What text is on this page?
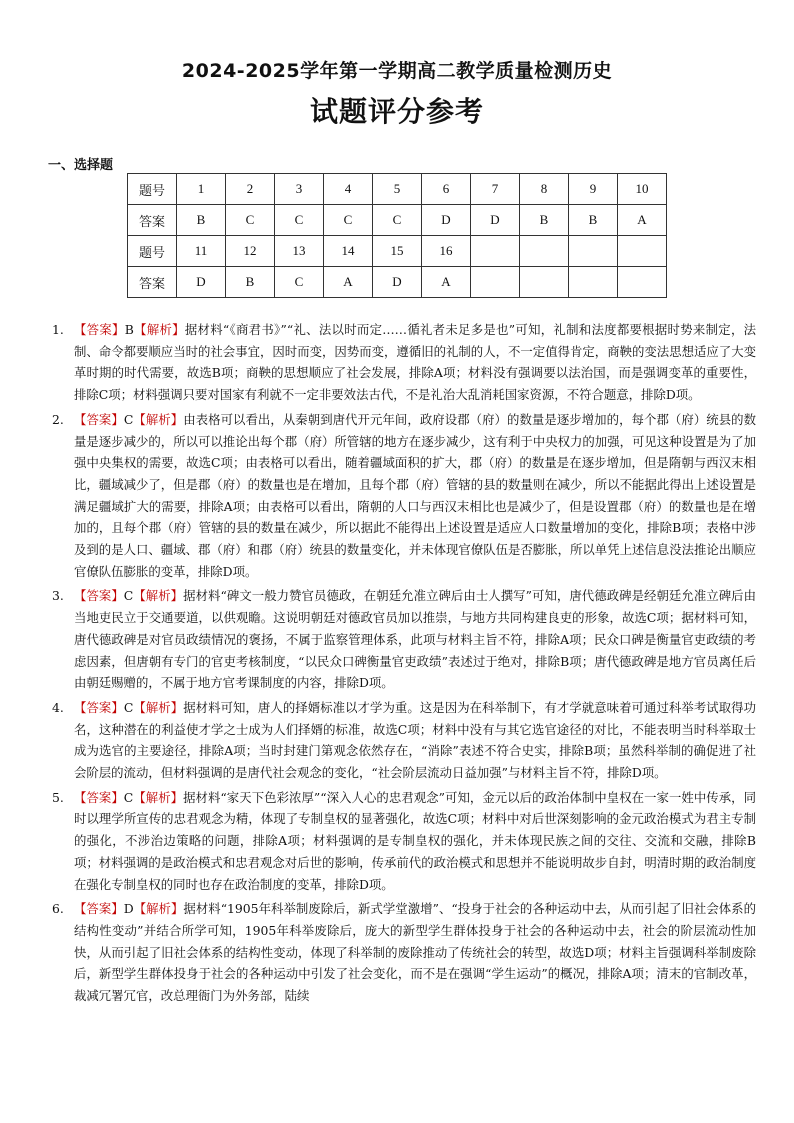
2024-2025学年第一学期高二教学质量检测历史
试题评分参考
一、选择题
题号	1	2	3	4	5	6	7	8	9	10
答案	B	C	C	C	C	D	D	B	B	A
题号	11	12	13	14	15	16				
答案	D	B	C	A	D	A				
1. 【答案】B【解析】据材料“《商君书》”“礼、法以时而定……循礼者未足多是也”可知，礼制和法度都要根据时势来制定，法制、命令都要顺应当时的社会事宜，因时而变，因势而变，遵循旧的礼制的人，不一定值得肯定，商鞅的变法思想适应了大变革时期的时代需要，故选B项；商鞅的思想顺应了社会发展，排除A项；材料没有强调要以法治国，而是强调变革的重要性，排除C项；材料强调只要对国家有利就不一定非要效法古代，不是礼治大乱消耗国家资源，不符合题意，排除D项。
2. 【答案】C【解析】由表格可以看出，从秦朝到唐代开元年间，政府设郡（府）的数量是逐步增加的，每个郡（府）统县的数量是逐步减少的，所以可以推论出每个郡（府）所管辖的地方在逐步减少，这有利于中央权力的加强，可见这种设置是为了加强中央集权的需要，故选C项；由表格可以看出，随着疆域面积的扩大，郡（府）的数量是在逐步增加，但是隋朝与西汉末相比，疆域减少了，但是郡（府）的数量也是在增加，且每个郡（府）管辖的县的数量则在减少，所以不能据此得出上述设置是满足疆域扩大的需要，排除A项；由表格可以看出，隋朝的人口与西汉末相比也是减少了，但是设置郡（府）的数量也是在增加的，且每个郡（府）管辖的县的数量在减少，所以据此不能得出上述设置是适应人口数量增加的变化，排除B项；表格中涉及到的是人口、疆域、郡（府）和郡（府）统县的数量变化，并未体现官僚队伍是否膨胀，所以单凭上述信息没法推论出顺应官僚队伍膨胀的变革，排除D项。
3. 【答案】C【解析】据材料“碑文一般力赞官员德政，在朝廷允准立碑后由士人撰写”可知，唐代德政碑是经朝廷允准立碑后由当地吏民立于交通要道，以供观瞻。这说明朝廷对德政官员加以推崇，与地方共同构建良吏的形象，故选C项；据材料可知，唐代德政碑是对官员政绩情况的褒扬，不属于监察管理体系，此项与材料主旨不符，排除A项；民众口碑是衡量官吏政绩的考虑因素，但唐朝有专门的官吏考核制度，“以民众口碑衡量官吏政绩”表述过于绝对，排除B项；唐代德政碑是地方官员离任后由朝廷赐赠的，不属于地方官考课制度的内容，排除D项。
4. 【答案】C【解析】据材料可知，唐人的择婿标准以才学为重。这是因为在科举制下，有才学就意味着可通过科举考试取得功名，这种潜在的利益使才学之士成为人们择婿的标准，故选C项；材料中没有与其它选官途径的对比，不能表明当时科举取士成为选官的主要途径，排除A项；当时封建门第观念依然存在，“消除”表述不符合史实，排除B项；虽然科举制的确促进了社会阶层的流动，但材料强调的是唐代社会观念的变化，“社会阶层流动日益加强”与材料主旨不符，排除D项。
5. 【答案】C【解析】据材料“家天下色彩浓厚”“深入人心的忠君观念”可知，金元以后的政治体制中皇权在一家一姓中传承，同时以理学所宣传的忠君观念为精，体现了专制皇权的显著强化，故选C项；材料中对后世深刻影响的金元政治模式为君主专制的强化，不涉治边策略的问题，排除A项；材料强调的是专制皇权的强化，并未体现民族之间的交往、交流和交融，排除B项；材料强调的是政治模式和忠君观念对后世的影响，传承前代的政治模式和思想并不能说明故步自封，明清时期的政治制度在强化专制皇权的同时也存在政治制度的变革，排除D项。
6. 【答案】D【解析】据材料“1905年科举制废除后，新式学堂激增”、“投身于社会的各种运动中去，从而引起了旧社会体系的结构性变动”并结合所学可知，1905年科举废除后，庞大的新型学生群体投身于社会的各种运动中去，社会的阶层流动性加快，从而引起了旧社会体系的结构性变动，体现了科举制的废除推动了传统社会的转型，故选D项；材料主旨强调科举制废除后，新型学生群体投身于社会的各种运动中引发了社会变化，而不是在强调“学生运动”的概况，排除A项；清末的官制改革，裁减冗署冗官，改总理衙门为外务部，陆续
